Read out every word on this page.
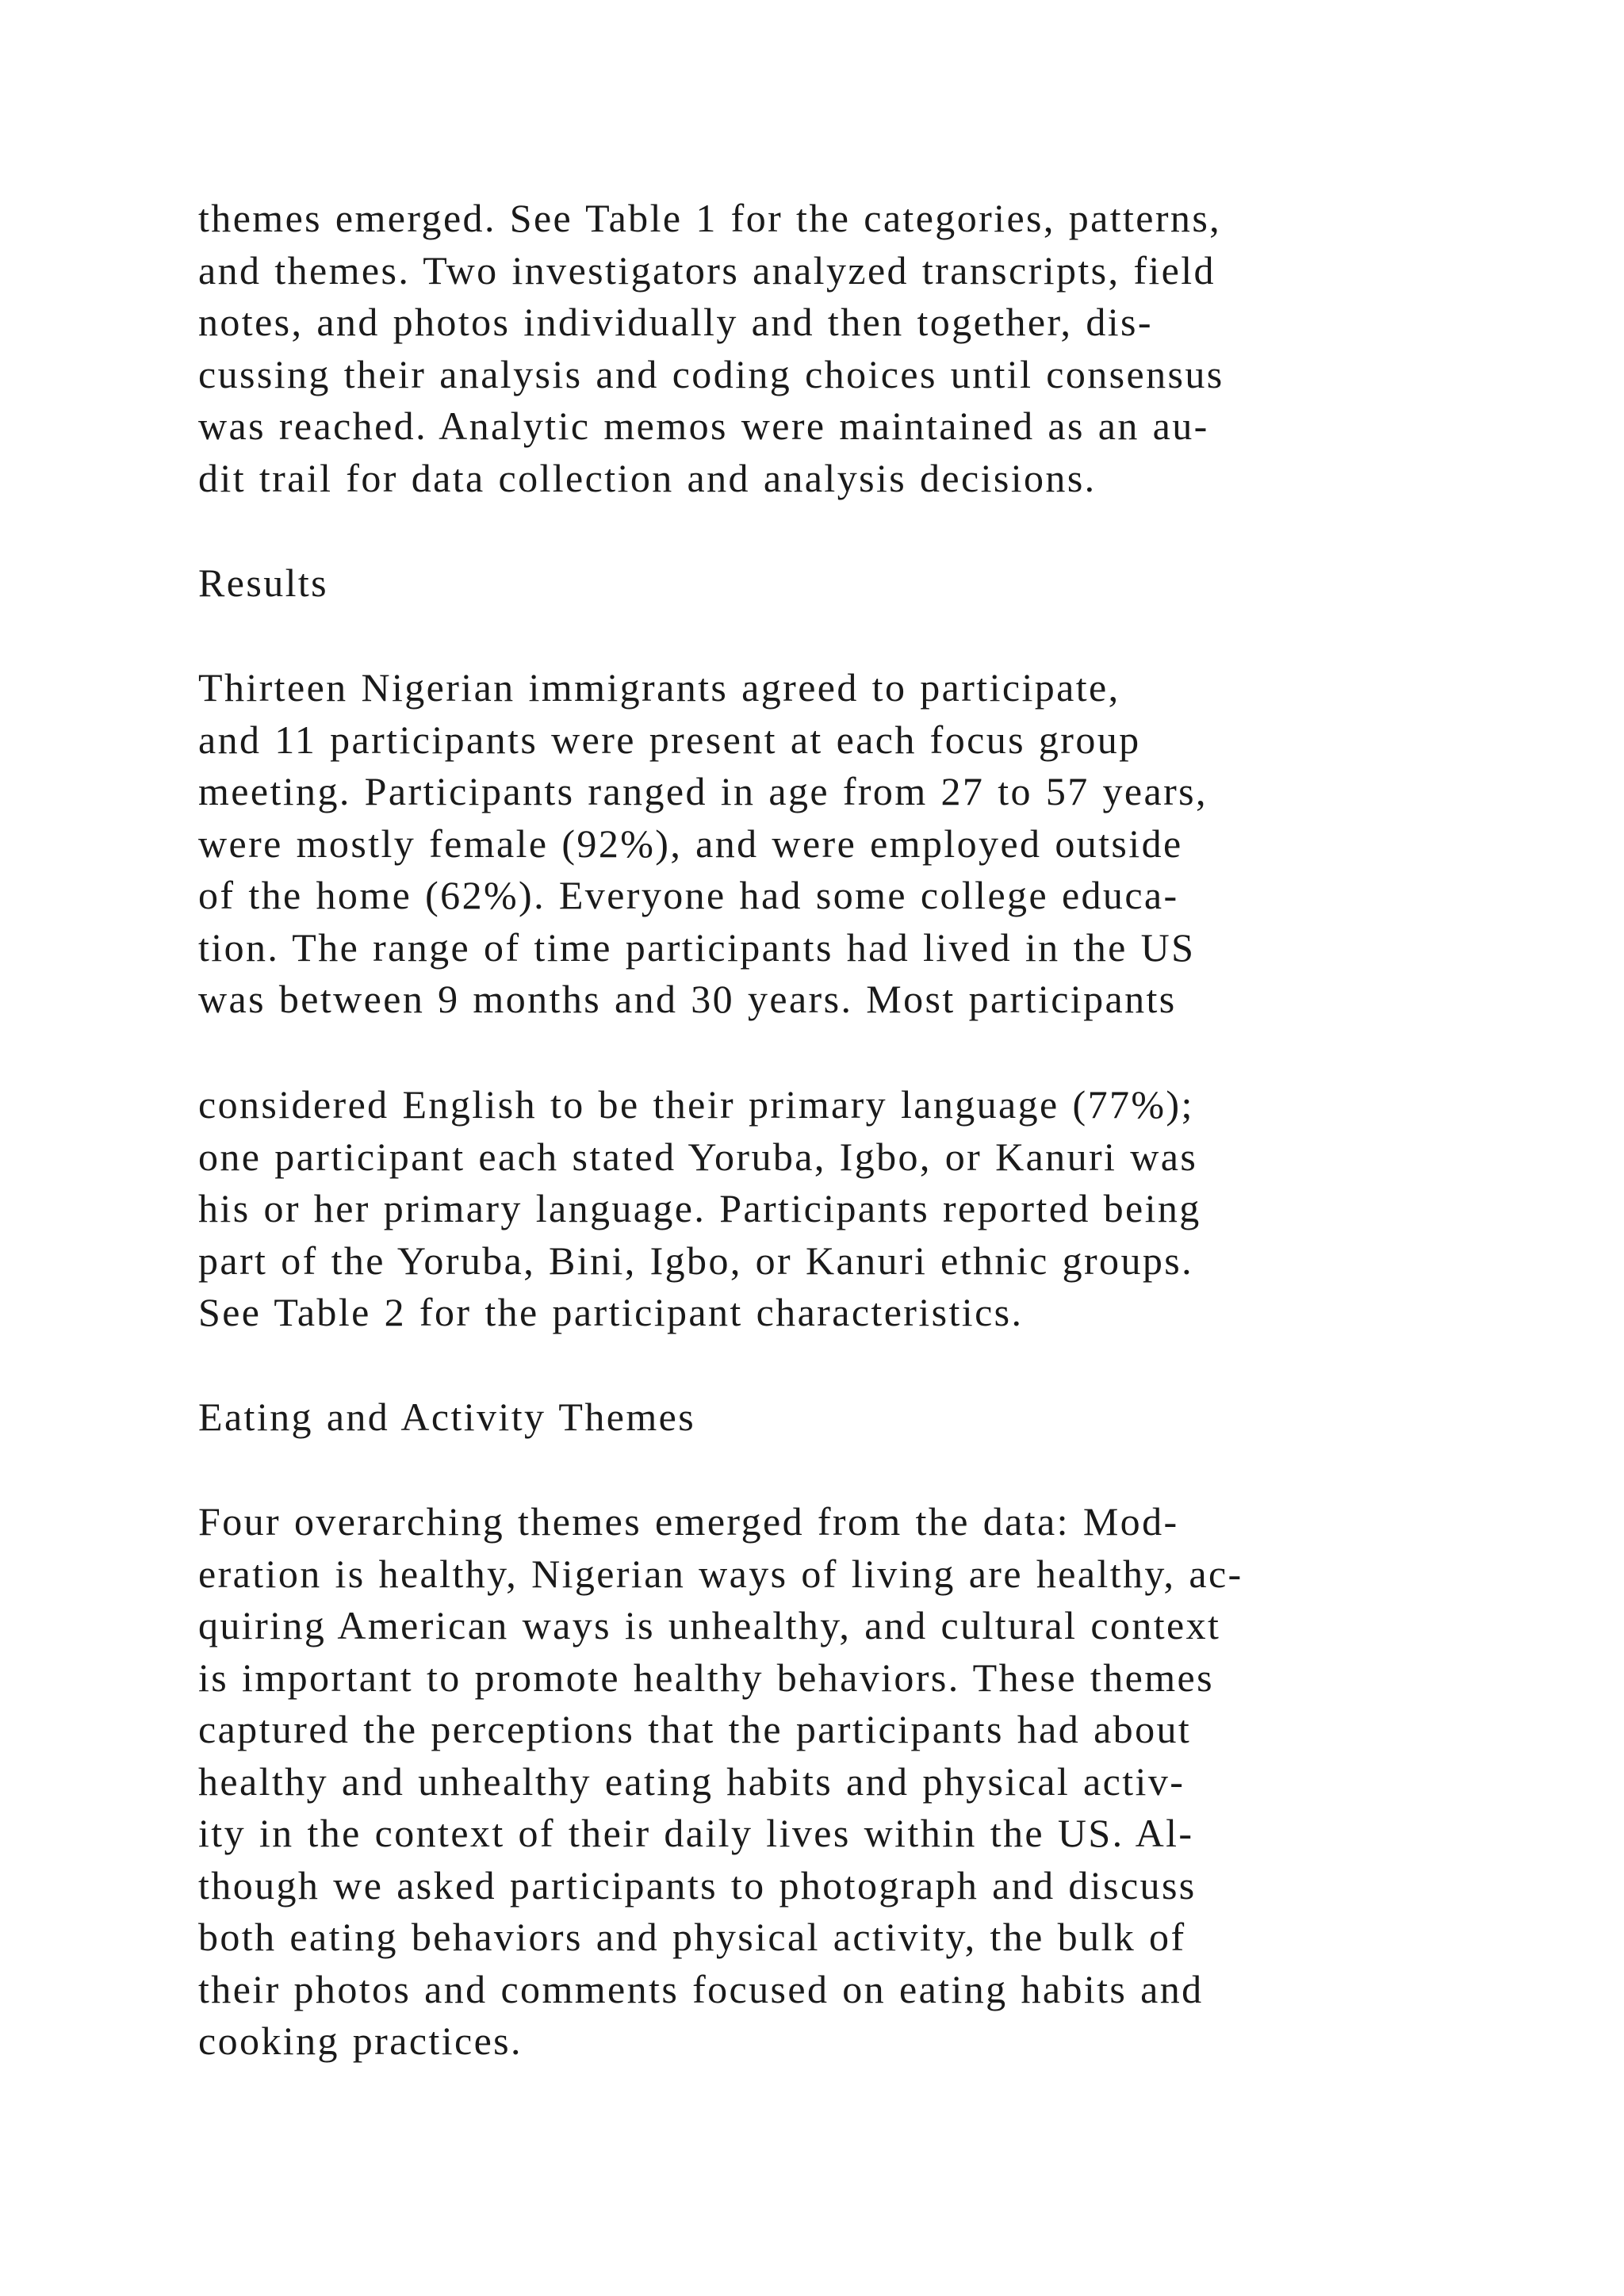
themes emerged. See Table 1 for the categories, patterns,
and themes. Two investigators analyzed transcripts, field
notes, and photos individually and then together, dis-
cussing their analysis and coding choices until consensus
was reached. Analytic memos were maintained as an au-
dit trail for data collection and analysis decisions.
Results
Thirteen Nigerian immigrants agreed to participate,
and 11 participants were present at each focus group
meeting. Participants ranged in age from 27 to 57 years,
were mostly female (92%), and were employed outside
of the home (62%). Everyone had some college educa-
tion. The range of time participants had lived in the US
was between 9 months and 30 years. Most participants
considered English to be their primary language (77%);
one participant each stated Yoruba, Igbo, or Kanuri was
his or her primary language. Participants reported being
part of the Yoruba, Bini, Igbo, or Kanuri ethnic groups.
See Table 2 for the participant characteristics.
Eating and Activity Themes
Four overarching themes emerged from the data: Mod-
eration is healthy, Nigerian ways of living are healthy, ac-
quiring American ways is unhealthy, and cultural context
is important to promote healthy behaviors. These themes
captured the perceptions that the participants had about
healthy and unhealthy eating habits and physical activ-
ity in the context of their daily lives within the US. Al-
though we asked participants to photograph and discuss
both eating behaviors and physical activity, the bulk of
their photos and comments focused on eating habits and
cooking practices.
